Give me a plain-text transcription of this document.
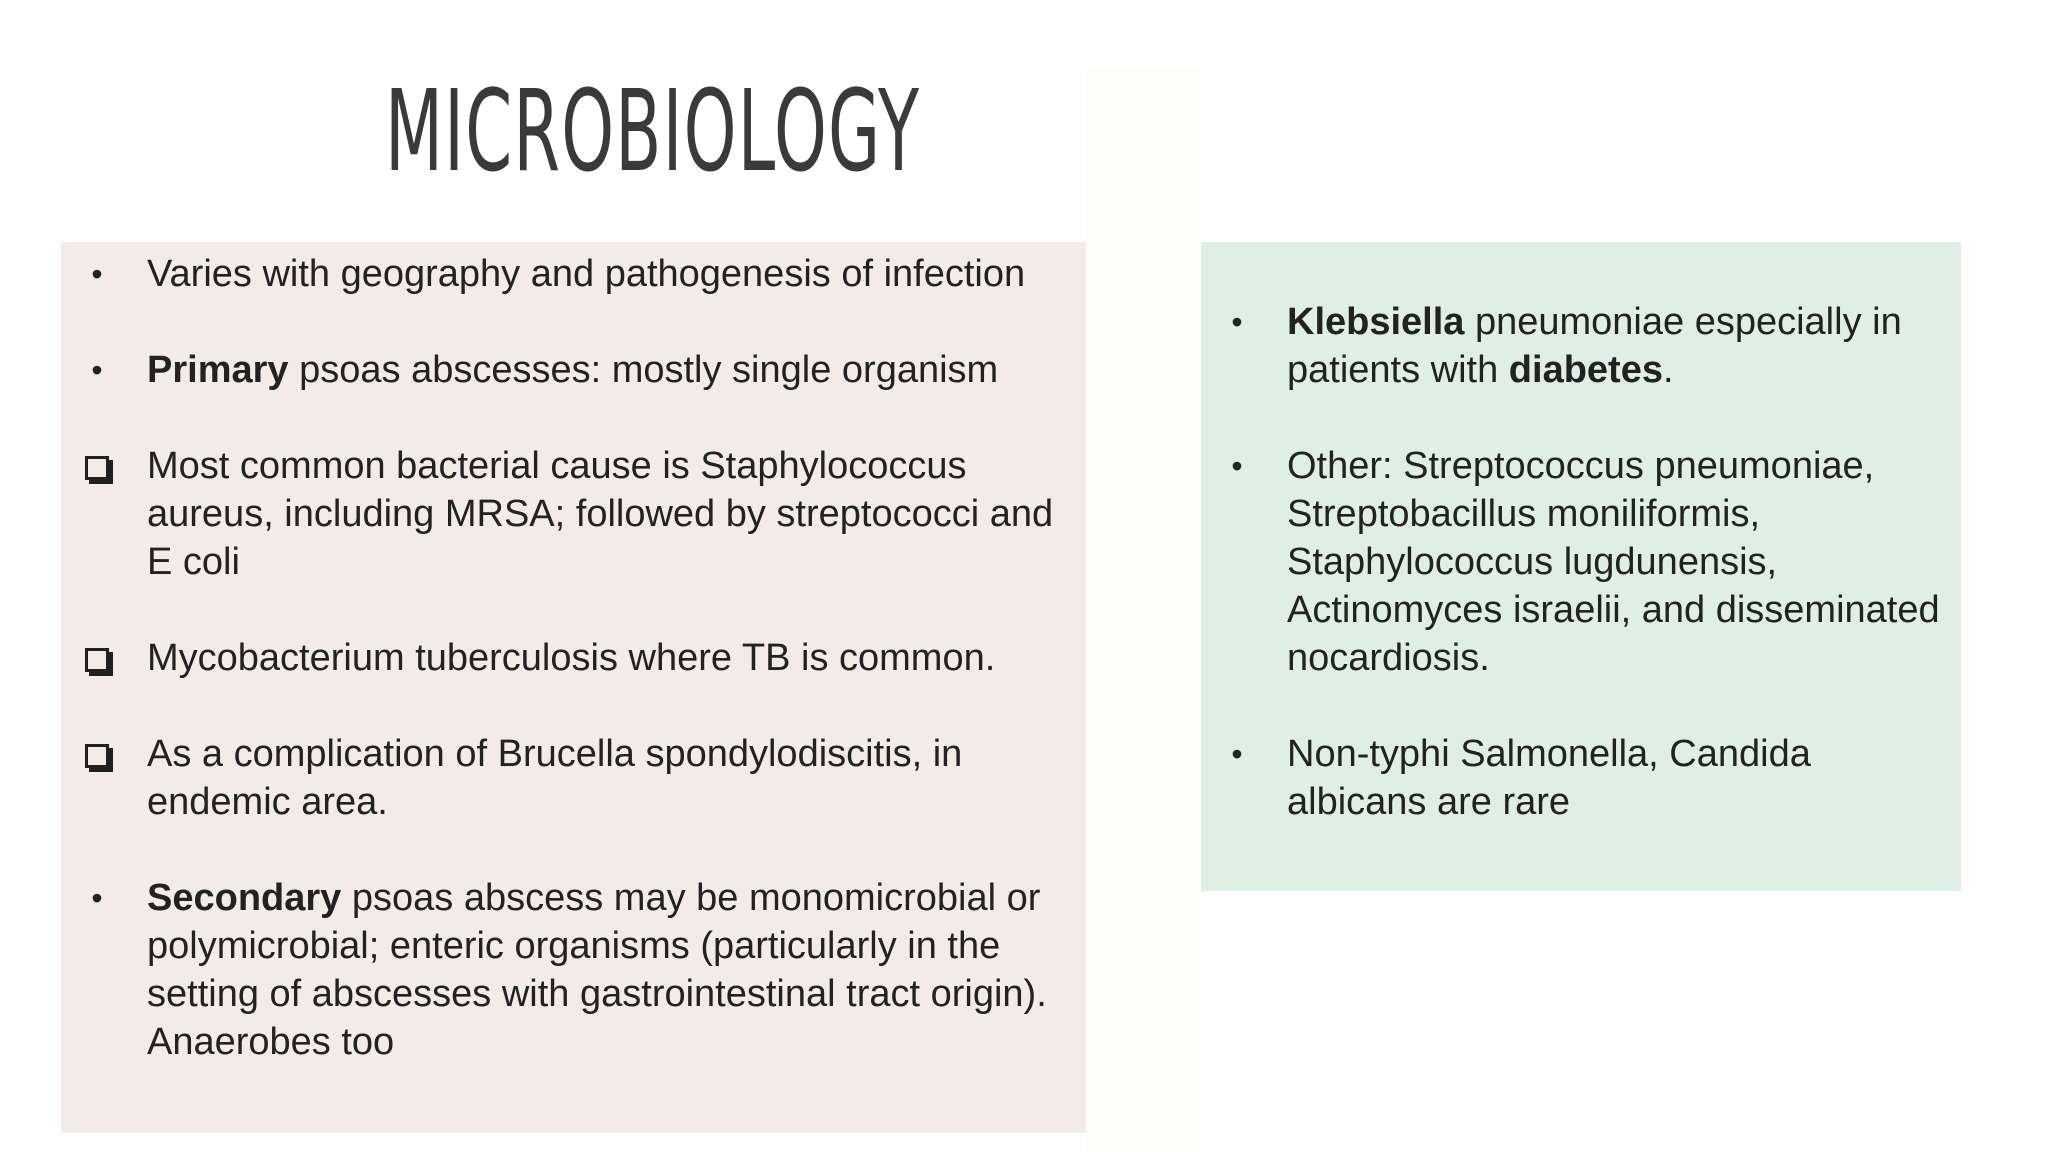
MICROBIOLOGY
• Varies with geography and pathogenesis of infection
• Primary psoas abscesses: mostly single organism
Most common bacterial cause is Staphylococcus aureus, including MRSA; followed by streptococci and E coli
Mycobacterium tuberculosis where TB is common.
As a complication of Brucella spondylodiscitis, in endemic area.
• Secondary psoas abscess may be monomicrobial or polymicrobial; enteric organisms (particularly in the setting of abscesses with gastrointestinal tract origin). Anaerobes too
• Klebsiella pneumoniae especially in patients with diabetes.
• Other: Streptococcus pneumoniae, Streptobacillus moniliformis, Staphylococcus lugdunensis, Actinomyces israelii, and disseminated nocardiosis.
• Non-typhi Salmonella, Candida albicans are rare
